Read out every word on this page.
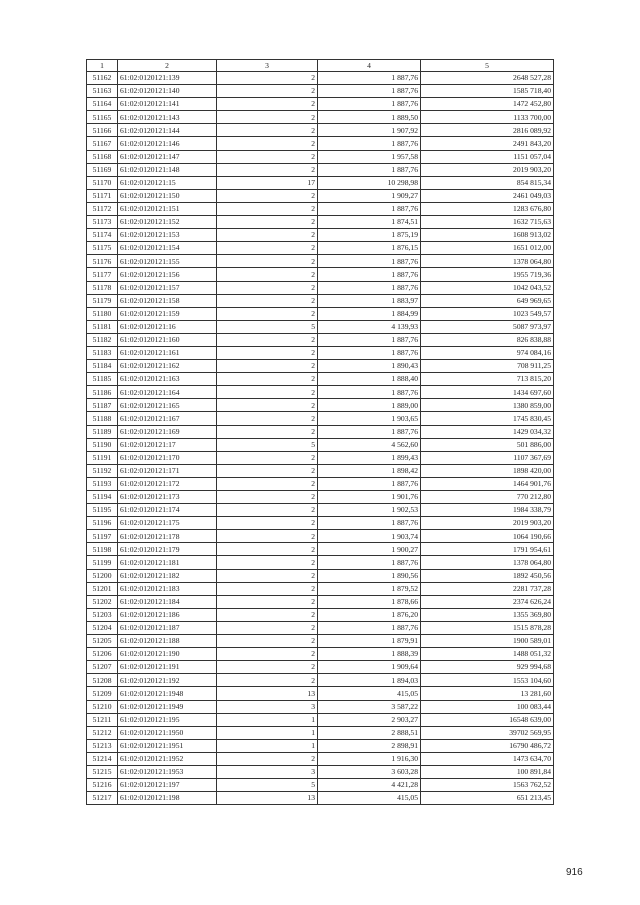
1	2	3	4	5
51162	61:02:0120121:139	2	1 887,76	2648 527,28
51163	61:02:0120121:140	2	1 887,76	1585 718,40
51164	61:02:0120121:141	2	1 887,76	1472 452,80
51165	61:02:0120121:143	2	1 889,50	1133 700,00
51166	61:02:0120121:144	2	1 907,92	2816 089,92
51167	61:02:0120121:146	2	1 887,76	2491 843,20
51168	61:02:0120121:147	2	1 957,58	1151 057,04
51169	61:02:0120121:148	2	1 887,76	2019 903,20
51170	61:02:0120121:15	17	10 298,98	854 815,34
51171	61:02:0120121:150	2	1 909,27	2461 049,03
51172	61:02:0120121:151	2	1 887,76	1283 676,80
51173	61:02:0120121:152	2	1 874,51	1632 715,63
51174	61:02:0120121:153	2	1 875,19	1608 913,02
51175	61:02:0120121:154	2	1 876,15	1651 012,00
51176	61:02:0120121:155	2	1 887,76	1378 064,80
51177	61:02:0120121:156	2	1 887,76	1955 719,36
51178	61:02:0120121:157	2	1 887,76	1042 043,52
51179	61:02:0120121:158	2	1 883,97	649 969,65
51180	61:02:0120121:159	2	1 884,99	1023 549,57
51181	61:02:0120121:16	5	4 139,93	5087 973,97
51182	61:02:0120121:160	2	1 887,76	826 838,88
51183	61:02:0120121:161	2	1 887,76	974 084,16
51184	61:02:0120121:162	2	1 890,43	708 911,25
51185	61:02:0120121:163	2	1 888,40	713 815,20
51186	61:02:0120121:164	2	1 887,76	1434 697,60
51187	61:02:0120121:165	2	1 889,00	1380 859,00
51188	61:02:0120121:167	2	1 903,65	1745 830,45
51189	61:02:0120121:169	2	1 887,76	1429 034,32
51190	61:02:0120121:17	5	4 562,60	501 886,00
51191	61:02:0120121:170	2	1 899,43	1107 367,69
51192	61:02:0120121:171	2	1 898,42	1898 420,00
51193	61:02:0120121:172	2	1 887,76	1464 901,76
51194	61:02:0120121:173	2	1 901,76	770 212,80
51195	61:02:0120121:174	2	1 902,53	1984 338,79
51196	61:02:0120121:175	2	1 887,76	2019 903,20
51197	61:02:0120121:178	2	1 903,74	1064 190,66
51198	61:02:0120121:179	2	1 900,27	1791 954,61
51199	61:02:0120121:181	2	1 887,76	1378 064,80
51200	61:02:0120121:182	2	1 890,56	1892 450,56
51201	61:02:0120121:183	2	1 879,52	2281 737,28
51202	61:02:0120121:184	2	1 878,66	2374 626,24
51203	61:02:0120121:186	2	1 876,20	1355 369,80
51204	61:02:0120121:187	2	1 887,76	1515 878,28
51205	61:02:0120121:188	2	1 879,91	1900 589,01
51206	61:02:0120121:190	2	1 888,39	1488 051,32
51207	61:02:0120121:191	2	1 909,64	929 994,68
51208	61:02:0120121:192	2	1 894,03	1553 104,60
51209	61:02:0120121:1948	13	415,05	13 281,60
51210	61:02:0120121:1949	3	3 587,22	100 083,44
51211	61:02:0120121:195	1	2 903,27	16548 639,00
51212	61:02:0120121:1950	1	2 888,51	39702 569,95
51213	61:02:0120121:1951	1	2 898,91	16790 486,72
51214	61:02:0120121:1952	2	1 916,30	1473 634,70
51215	61:02:0120121:1953	3	3 603,28	100 891,84
51216	61:02:0120121:197	5	4 421,28	1563 762,52
51217	61:02:0120121:198	13	415,05	651 213,45
916
